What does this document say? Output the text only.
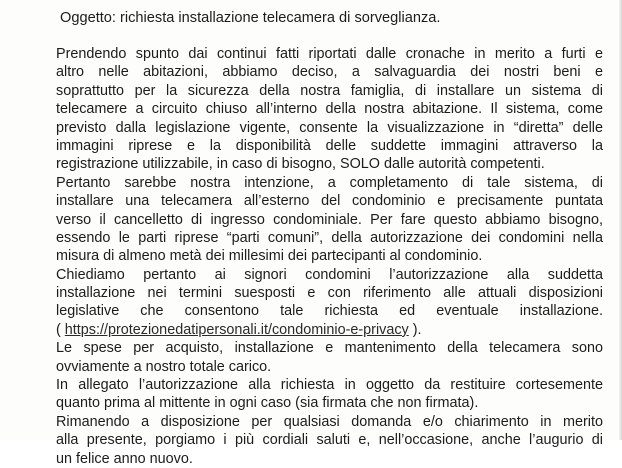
Oggetto: richiesta installazione telecamera di sorveglianza.
Prendendo spunto dai continui fatti riportati dalle cronache in merito a furti e
altro nelle abitazioni, abbiamo deciso, a salvaguardia dei nostri beni e
soprattutto per la sicurezza della nostra famiglia, di installare un sistema di
telecamere a circuito chiuso all’interno della nostra abitazione. Il sistema, come
previsto dalla legislazione vigente, consente la visualizzazione in “diretta” delle
immagini riprese e la disponibilità delle suddette immagini attraverso la
registrazione utilizzabile, in caso di bisogno, SOLO dalle autorità competenti.
Pertanto sarebbe nostra intenzione, a completamento di tale sistema, di
installare una telecamera all’esterno del condominio e precisamente puntata
verso il cancelletto di ingresso condominiale. Per fare questo abbiamo bisogno,
essendo le parti riprese “parti comuni”, della autorizzazione dei condomini nella
misura di almeno metà dei millesimi dei partecipanti al condominio.
Chiediamo pertanto ai signori condomini l’autorizzazione alla suddetta
installazione nei termini suesposti e con riferimento alle attuali disposizioni
legislative che consentono tale richiesta ed eventuale installazione.
( https://protezionedatipersonali.it/condominio-e-privacy ).
Le spese per acquisto, installazione e mantenimento della telecamera sono
ovviamente a nostro totale carico.
In allegato l’autorizzazione alla richiesta in oggetto da restituire cortesemente
quanto prima al mittente in ogni caso (sia firmata che non firmata).
Rimanendo a disposizione per qualsiasi domanda e/o chiarimento in merito
alla presente, porgiamo i più cordiali saluti e, nell’occasione, anche l’augurio di
un felice anno nuovo.
